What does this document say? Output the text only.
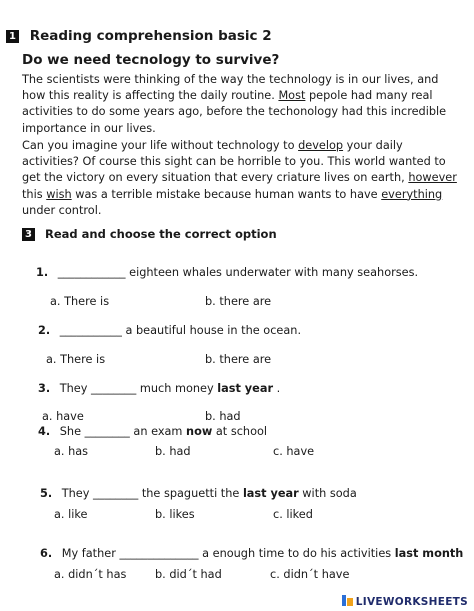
1 Reading comprehension basic 2
Do we need tecnology to survive?

The scientists were thinking of the way the technology is in our lives, and how this reality is affecting the daily routine. Most pepole had many real activities to do some years ago, before the techonology had this incredible importance in our lives.

Can you imagine your life without technology to develop your daily activities? Of course this sight can be horrible to you. This world wanted to get the victory on every situation that every criature lives on earth, however this wish was a terrible mistake because human wants to have everything under control.

3 Read and choose the correct option
1. ____________ eighteen whales underwater with many seahorses.
a. There is	b. there are
2. ___________ a beautiful house in the ocean.
a. There is	b. there are
3. They ________ much money last year .
a. have	b. had
4. She ________ an exam now at school
a. has	b. had	c. have
5. They ________ the spaguetti the last year with soda
a. like	b. likes	c. liked
6. My father ______________ a enough time to do his activities last month
a. didn´t has	b. did´t had	c. didn´t have
LIVEWORKSHEETS
